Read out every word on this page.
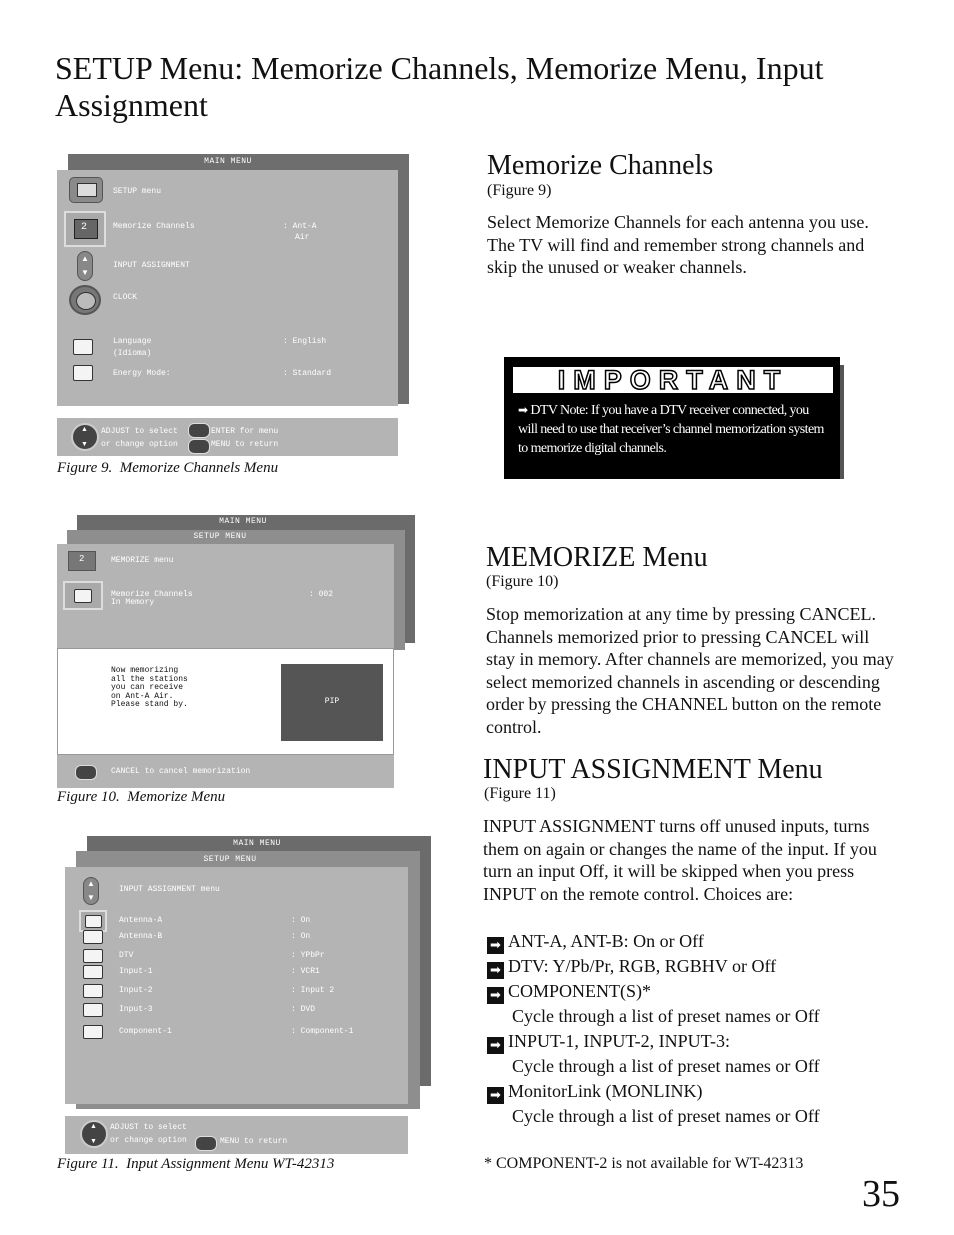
SETUP Menu: Memorize Channels, Memorize Menu, Input Assignment
MAIN MENU
2
▲
▼
SETUP menu
Memorize Channels	: Ant-A
Air
INPUT ASSIGNMENT
CLOCK
Language
(Idioma)
: English
Energy Mode:	: Standard
▲
▼
ADJUST to select
or change option
ENTER for menu
MENU to return
Figure 9. Memorize Channels Menu
MAIN MENU
SETUP MENU
2	MEMORIZE menu
Memorize Channels
In Memory
: 002
Now memorizing
all the stations
you can receive
on Ant-A Air.
Please stand by.	PIP
CANCEL to cancel memorization
Figure 10. Memorize Menu
MAIN MENU
SETUP MENU
▲
▼
INPUT ASSIGNMENT menu
Antenna-A	: On
Antenna-B	: On
DTV	: YPbPr
Input-1	: VCR1
Input-2	: Input 2
Input-3	: DVD
Component-1	: Component-1
▲
▼
ADJUST to select
or change option	MENU to return
Figure 11. Input Assignment Menu WT-42313
Memorize Channels
(Figure 9)
Select Memorize Channels for each antenna you use. The TV will find and remember strong channels and skip the unused or weaker channels.
IMPORTANT
➡ DTV Note: If you have a DTV receiver connected, you will need to use that receiver’s channel memorization system to memorize digital channels.
MEMORIZE Menu
(Figure 10)
Stop memorization at any time by pressing CANCEL. Channels memorized prior to pressing CANCEL will stay in memory. After channels are memorized, you may select memorized channels in ascending or descending order by pressing the CHANNEL button on the remote control.
INPUT ASSIGNMENT Menu
(Figure 11)
INPUT ASSIGNMENT turns off unused inputs, turns them on again or changes the name of the input. If you turn an input Off, it will be skipped when you press INPUT on the remote control. Choices are:
➡ ANT-A, ANT-B: On or Off
➡ DTV: Y/Pb/Pr, RGB, RGBHV or Off
➡ COMPONENT(S)*
Cycle through a list of preset names or Off
➡ INPUT-1, INPUT-2, INPUT-3:
Cycle through a list of preset names or Off
➡ MonitorLink (MONLINK)
Cycle through a list of preset names or Off
* COMPONENT-2 is not available for WT-42313
35
